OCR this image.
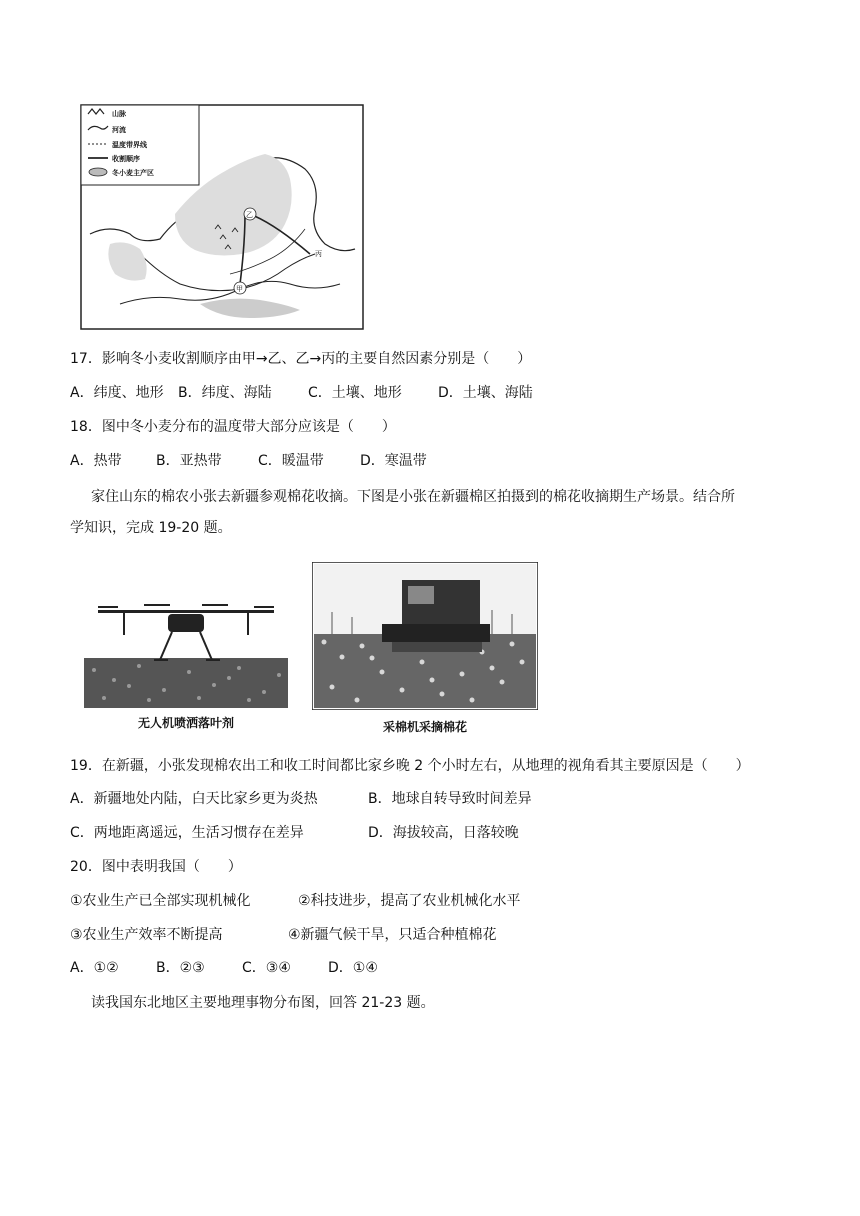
山脉
河流
温度带界线
收割顺序
冬小麦主产区
乙
甲
丙
17．影响冬小麦收割顺序由甲→乙、乙→丙的主要自然因素分别是（　　）
A．纬度、地形 B．纬度、海陆	C．土壤、地形	D．土壤、海陆
18．图中冬小麦分布的温度带大部分应该是（　　）
A．热带 B．亚热带	C．暖温带	D．寒温带
家住山东的棉农小张去新疆参观棉花收摘。下图是小张在新疆棉区拍摄到的棉花收摘期生产场景。结合所
学知识，完成 19-20 题。
无人机喷洒落叶剂	采棉机采摘棉花
19．在新疆，小张发现棉农出工和收工时间都比家乡晚 2 个小时左右，从地理的视角看其主要原因是（　　）
A．新疆地处内陆，白天比家乡更为炎热	B．地球自转导致时间差异
C．两地距离遥远，生活习惯存在差异	D．海拔较高，日落较晚
20．图中表明我国（　　）
①农业生产已全部实现机械化	②科技进步，提高了农业机械化水平
③农业生产效率不断提高	④新疆气候干旱，只适合种植棉花
A．①②	B．②③	C．③④	D．①④
读我国东北地区主要地理事物分布图，回答 21-23 题。
